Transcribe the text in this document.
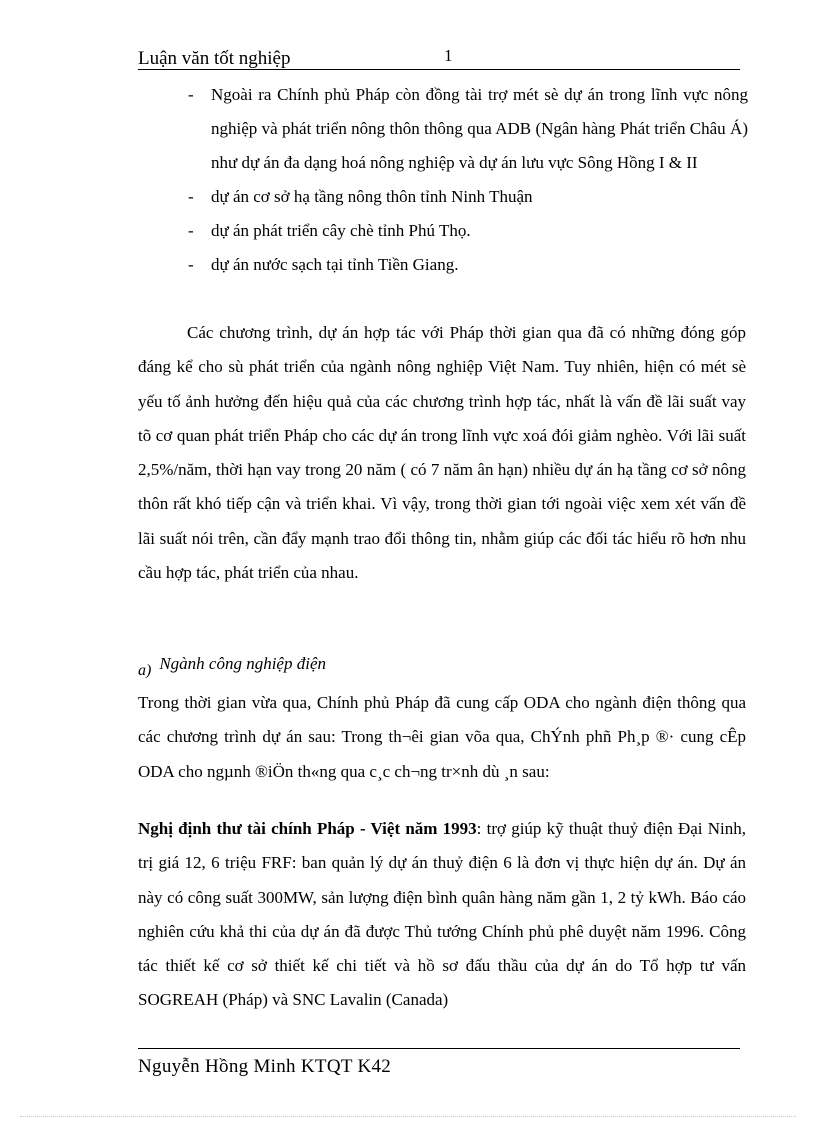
Luận văn tốt nghiệp	1
- Ngoài ra Chính phủ Pháp còn đồng tài trợ mét sè dự án trong lĩnh vực nông nghiệp và phát triển nông thôn thông qua ADB (Ngân hàng Phát triển Châu Á) như dự án đa dạng hoá nông nghiệp và dự án lưu vực Sông Hồng I & II
- dự án cơ sở hạ tầng nông thôn tỉnh Ninh Thuận
- dự án phát triển cây chè tỉnh Phú Thọ.
- dự án nước sạch tại tỉnh Tiền Giang.

Các chương trình, dự án hợp tác với Pháp thời gian qua đã có những đóng góp đáng kể cho sù phát triển của ngành nông nghiệp Việt Nam. Tuy nhiên, hiện có mét sè yếu tố ảnh hưởng đến hiệu quả của các chương trình hợp tác, nhất là vấn đề lãi suất vay tõ cơ quan phát triển Pháp cho các dự án trong lĩnh vực xoá đói giảm nghèo. Với lãi suất 2,5%/năm, thời hạn vay trong 20 năm ( có 7 năm ân hạn) nhiều dự án hạ tầng cơ sở nông thôn rất khó tiếp cận và triển khai. Vì vậy, trong thời gian tới ngoài việc xem xét vấn đề lãi suất nói trên, cần đẩy mạnh trao đổi thông tin, nhằm giúp các đối tác hiểu rõ hơn nhu cầu hợp tác, phát triển của nhau.

a) Ngành công nghiệp điện

Trong thời gian vừa qua, Chính phủ Pháp đã cung cấp ODA cho ngành điện thông qua các chương trình dự án sau: Trong th¬êi gian võa qua, ChÝnh phñ Ph¸p ®· cung cÊp ODA cho ngµnh ®iÖn th«ng qua c¸c ch¬ng tr×nh dù ¸n sau:

Nghị định thư tài chính Pháp - Việt năm 1993: trợ giúp kỹ thuật thuỷ điện Đại Ninh, trị giá 12, 6 triệu FRF: ban quản lý dự án thuỷ điện 6 là đơn vị thực hiện dự án. Dự án này có công suất 300MW, sản lượng điện bình quân hàng năm gần 1, 2 tỷ kWh. Báo cáo nghiên cứu khả thi của dự án đã được Thủ tướng Chính phủ phê duyệt năm 1996. Công tác thiết kế cơ sở thiết kế chi tiết và hồ sơ đấu thầu của dự án do Tổ hợp tư vấn SOGREAH (Pháp) và SNC Lavalin (Canada)

Nguyễn Hồng Minh KTQT K42
